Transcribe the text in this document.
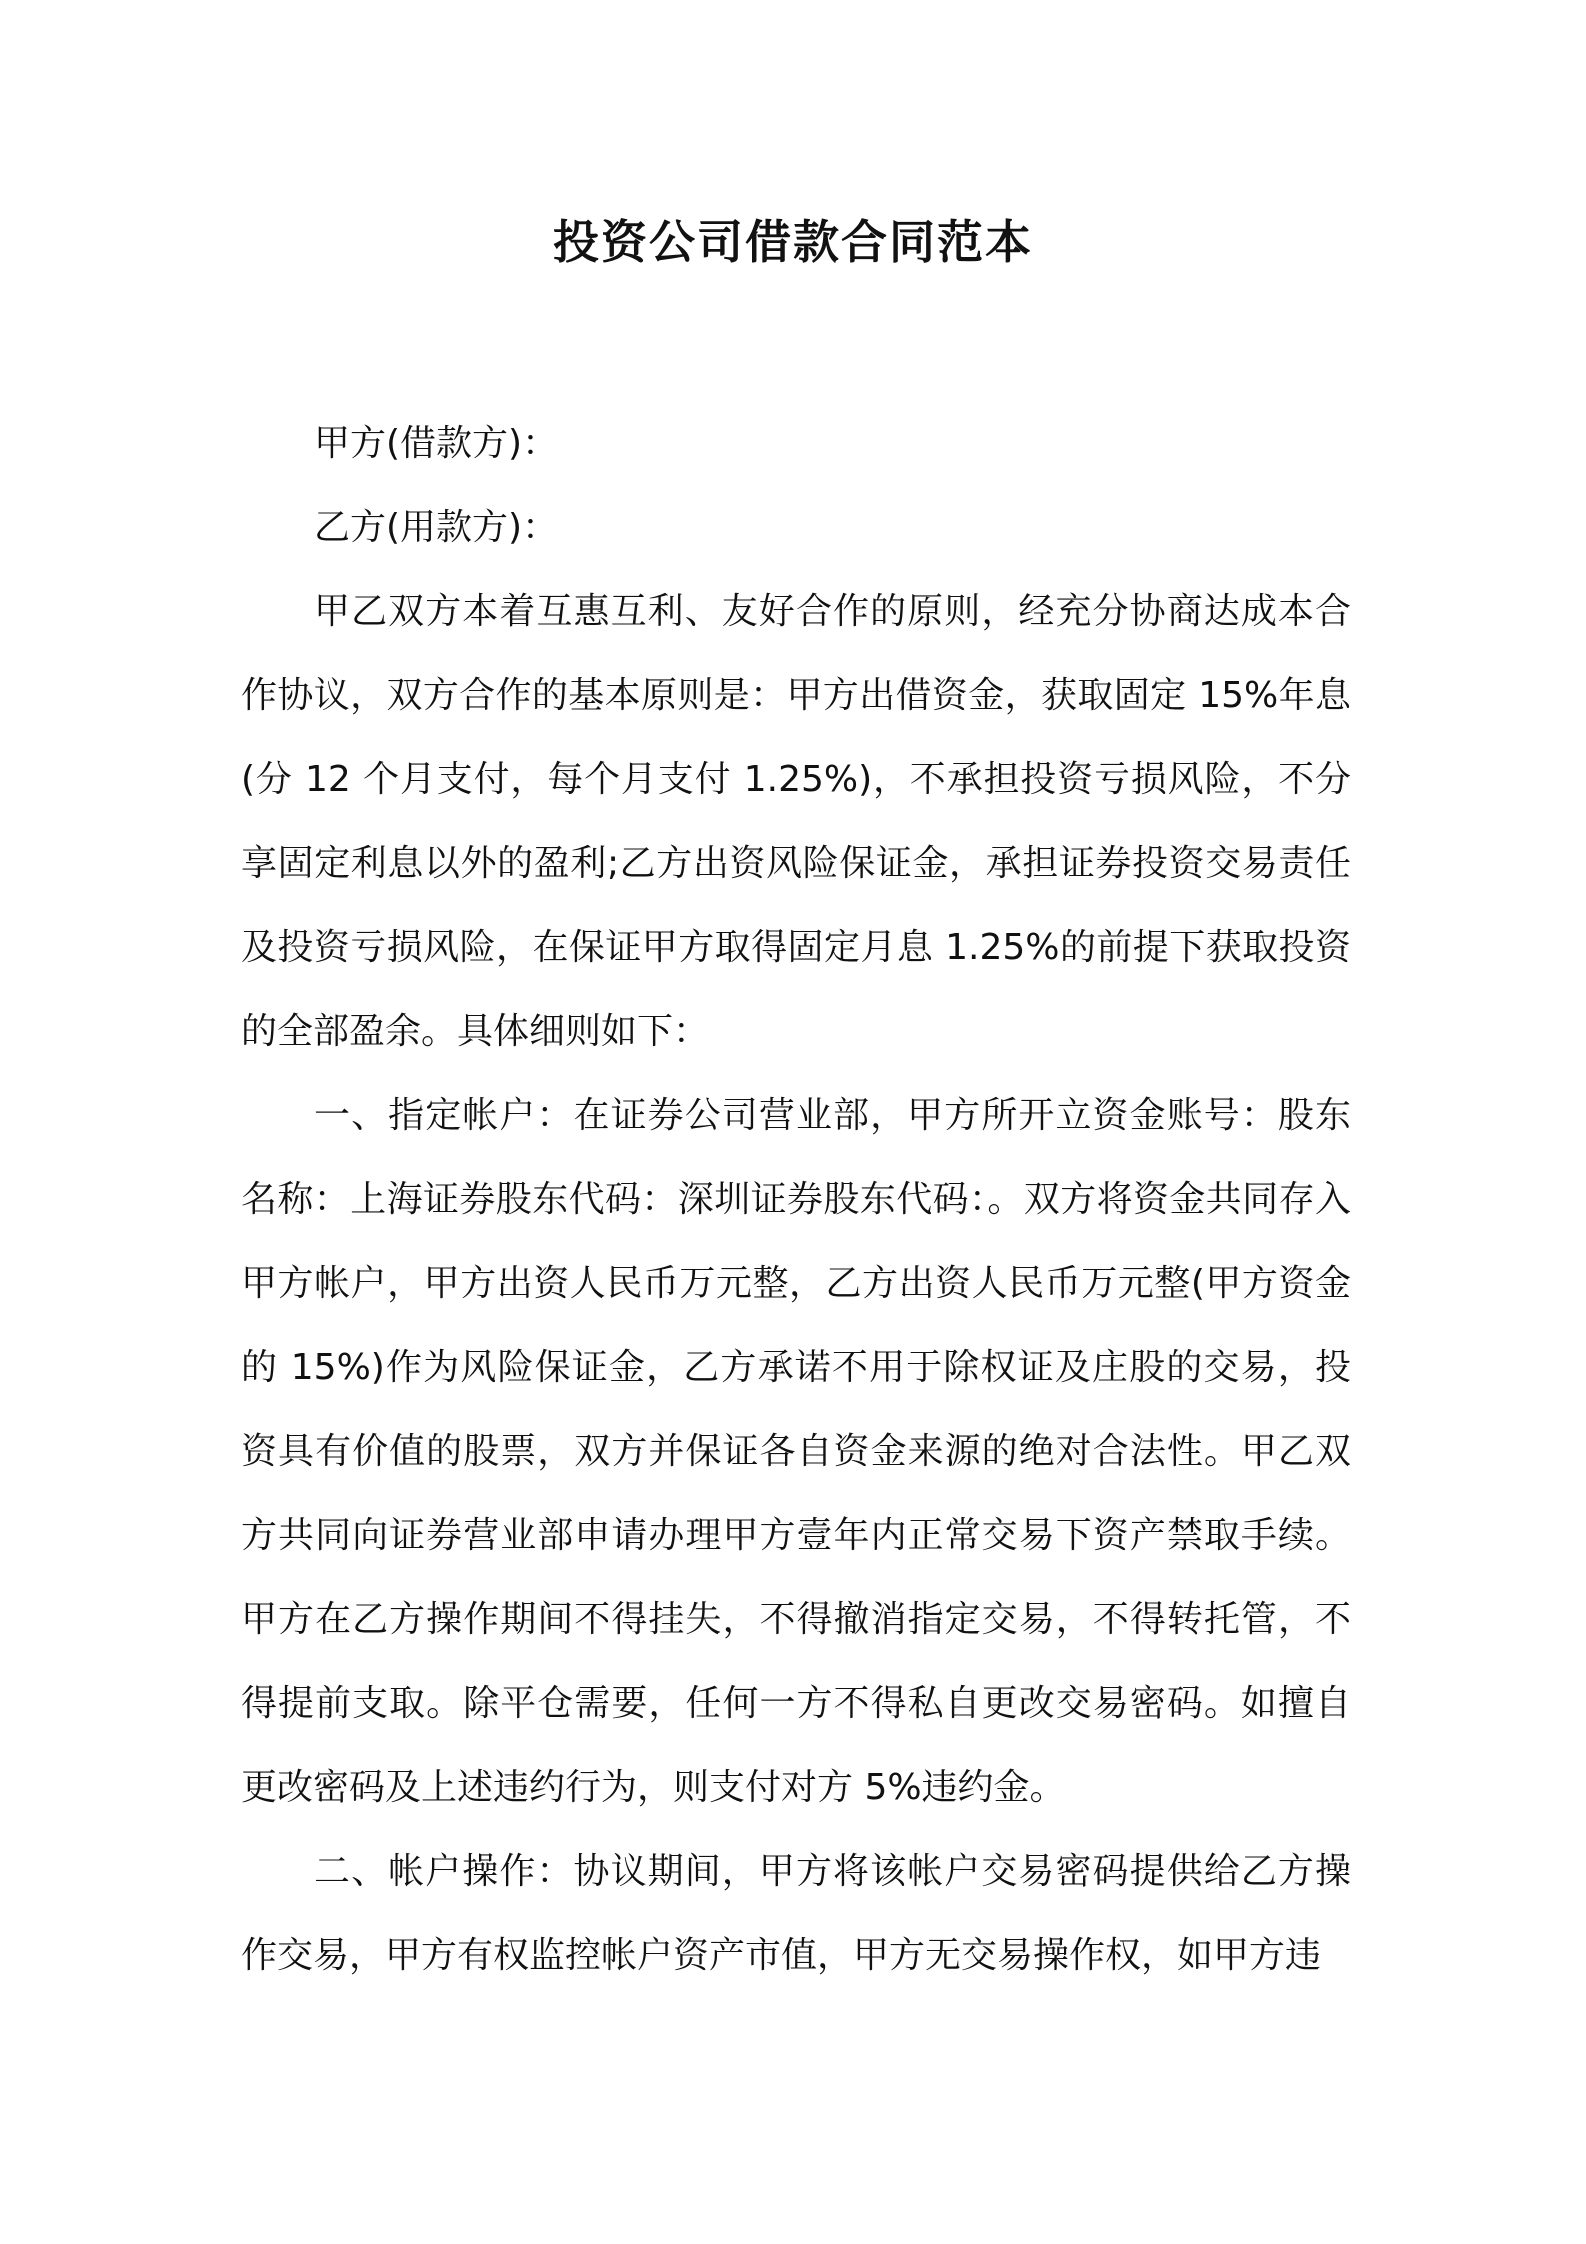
投资公司借款合同范本

甲方(借款方)：

乙方(用款方)：

甲乙双方本着互惠互利、友好合作的原则，经充分协商达成本合作协议，双方合作的基本原则是：甲方出借资金，获取固定 15%年息(分 12 个月支付，每个月支付 1.25%)，不承担投资亏损风险，不分享固定利息以外的盈利;乙方出资风险保证金，承担证券投资交易责任及投资亏损风险，在保证甲方取得固定月息 1.25%的前提下获取投资的全部盈余。具体细则如下：

一、指定帐户：在证券公司营业部，甲方所开立资金账号：股东名称：上海证券股东代码：深圳证券股东代码：。双方将资金共同存入甲方帐户，甲方出资人民币万元整，乙方出资人民币万元整(甲方资金的 15%)作为风险保证金，乙方承诺不用于除权证及庄股的交易，投资具有价值的股票，双方并保证各自资金来源的绝对合法性。甲乙双方共同向证券营业部申请办理甲方壹年内正常交易下资产禁取手续。甲方在乙方操作期间不得挂失，不得撤消指定交易，不得转托管，不得提前支取。除平仓需要，任何一方不得私自更改交易密码。如擅自更改密码及上述违约行为，则支付对方 5%违约金。

二、帐户操作：协议期间，甲方将该帐户交易密码提供给乙方操作交易，甲方有权监控帐户资产市值，甲方无交易操作权，如甲方违
